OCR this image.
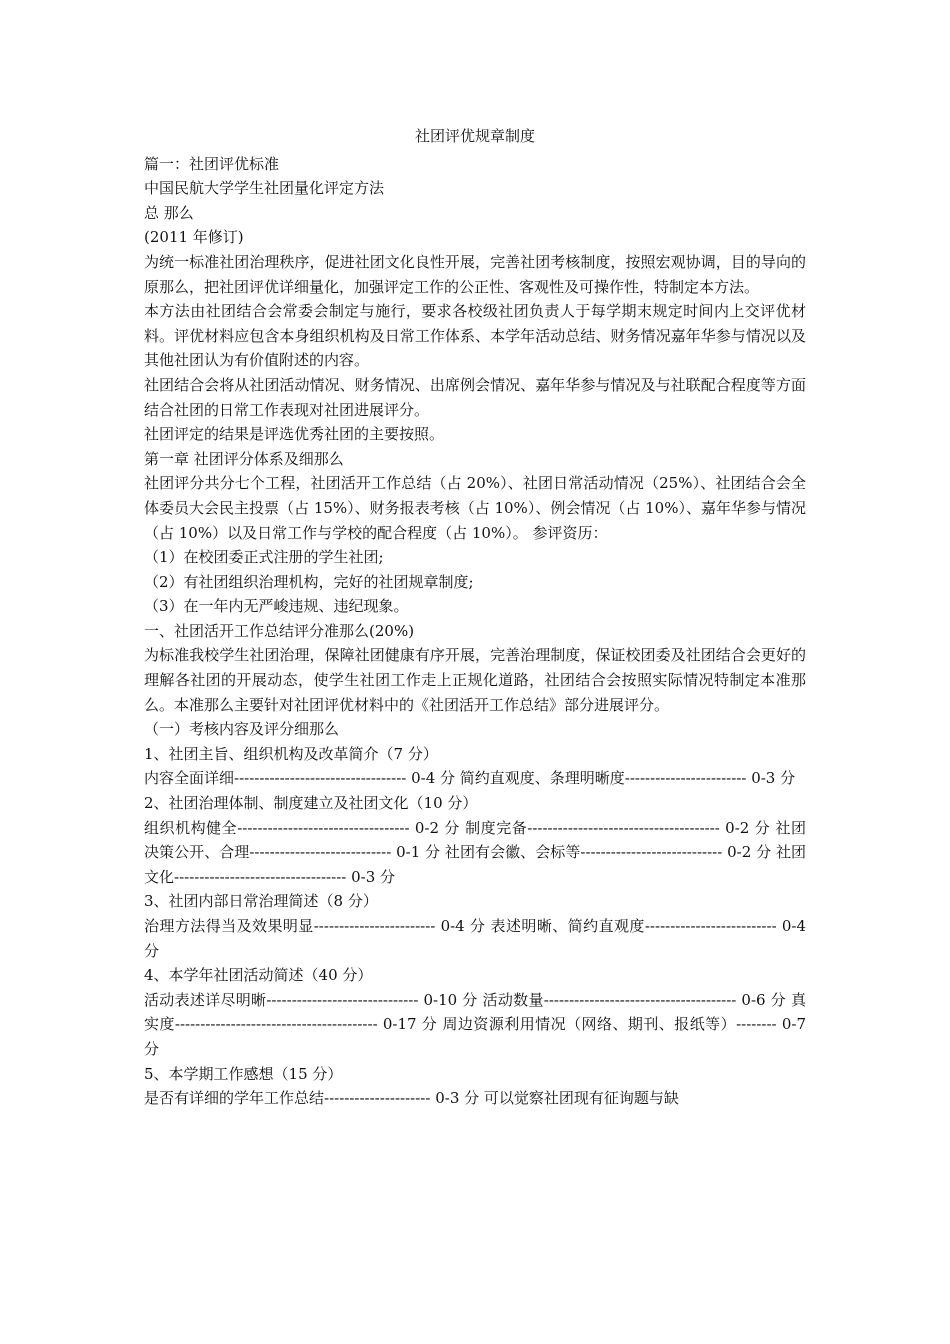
社团评优规章制度

篇一：社团评优标准

中国民航大学学生社团量化评定方法

总 那么

(2011 年修订)

为统一标准社团治理秩序，促进社团文化良性开展，完善社团考核制度，按照宏观协调，目的导向的原那么，把社团评优详细量化，加强评定工作的公正性、客观性及可操作性，特制定本方法。

本方法由社团结合会常委会制定与施行，要求各校级社团负责人于每学期末规定时间内上交评优材料。评优材料应包含本身组织机构及日常工作体系、本学年活动总结、财务情况嘉年华参与情况以及其他社团认为有价值附述的内容。

社团结合会将从社团活动情况、财务情况、出席例会情况、嘉年华参与情况及与社联配合程度等方面结合社团的日常工作表现对社团进展评分。

社团评定的结果是评选优秀社团的主要按照。

第一章 社团评分体系及细那么

社团评分共分七个工程，社团活开工作总结（占 20%）、社团日常活动情况（25%）、社团结合会全体委员大会民主投票（占 15%）、财务报表考核（占 10%）、例会情况（占 10%）、嘉年华参与情况（占 10%）以及日常工作与学校的配合程度（占 10%）。 参评资历：

（1）在校团委正式注册的学生社团;

（2）有社团组织治理机构，完好的社团规章制度;

（3）在一年内无严峻违规、违纪现象。

一、社团活开工作总结评分准那么(20%)

为标准我校学生社团治理，保障社团健康有序开展，完善治理制度，保证校团委及社团结合会更好的理解各社团的开展动态，使学生社团工作走上正规化道路，社团结合会按照实际情况特制定本准那么。本准那么主要针对社团评优材料中的《社团活开工作总结》部分进展评分。

（一）考核内容及评分细那么

1、社团主旨、组织机构及改革简介（7 分）

内容全面详细---------------------------------- 0-4 分 简约直观度、条理明晰度------------------------ 0-3 分

2、社团治理体制、制度建立及社团文化（10 分）

组织机构健全---------------------------------- 0-2 分 制度完备-------------------------------------- 0-2 分 社团决策公开、合理---------------------------- 0-1 分 社团有会徽、会标等---------------------------- 0-2 分 社团文化---------------------------------- 0-3 分

3、社团内部日常治理简述（8 分）

治理方法得当及效果明显------------------------ 0-4 分 表述明晰、简约直观度-------------------------- 0-4 分

4、本学年社团活动简述（40 分）

活动表述详尽明晰------------------------------ 0-10 分 活动数量-------------------------------------- 0-6 分 真实度---------------------------------------- 0-17 分 周边资源利用情况（网络、期刊、报纸等）-------- 0-7 分

5、本学期工作感想（15 分）

是否有详细的学年工作总结--------------------- 0-3 分 可以觉察社团现有征询题与缺
